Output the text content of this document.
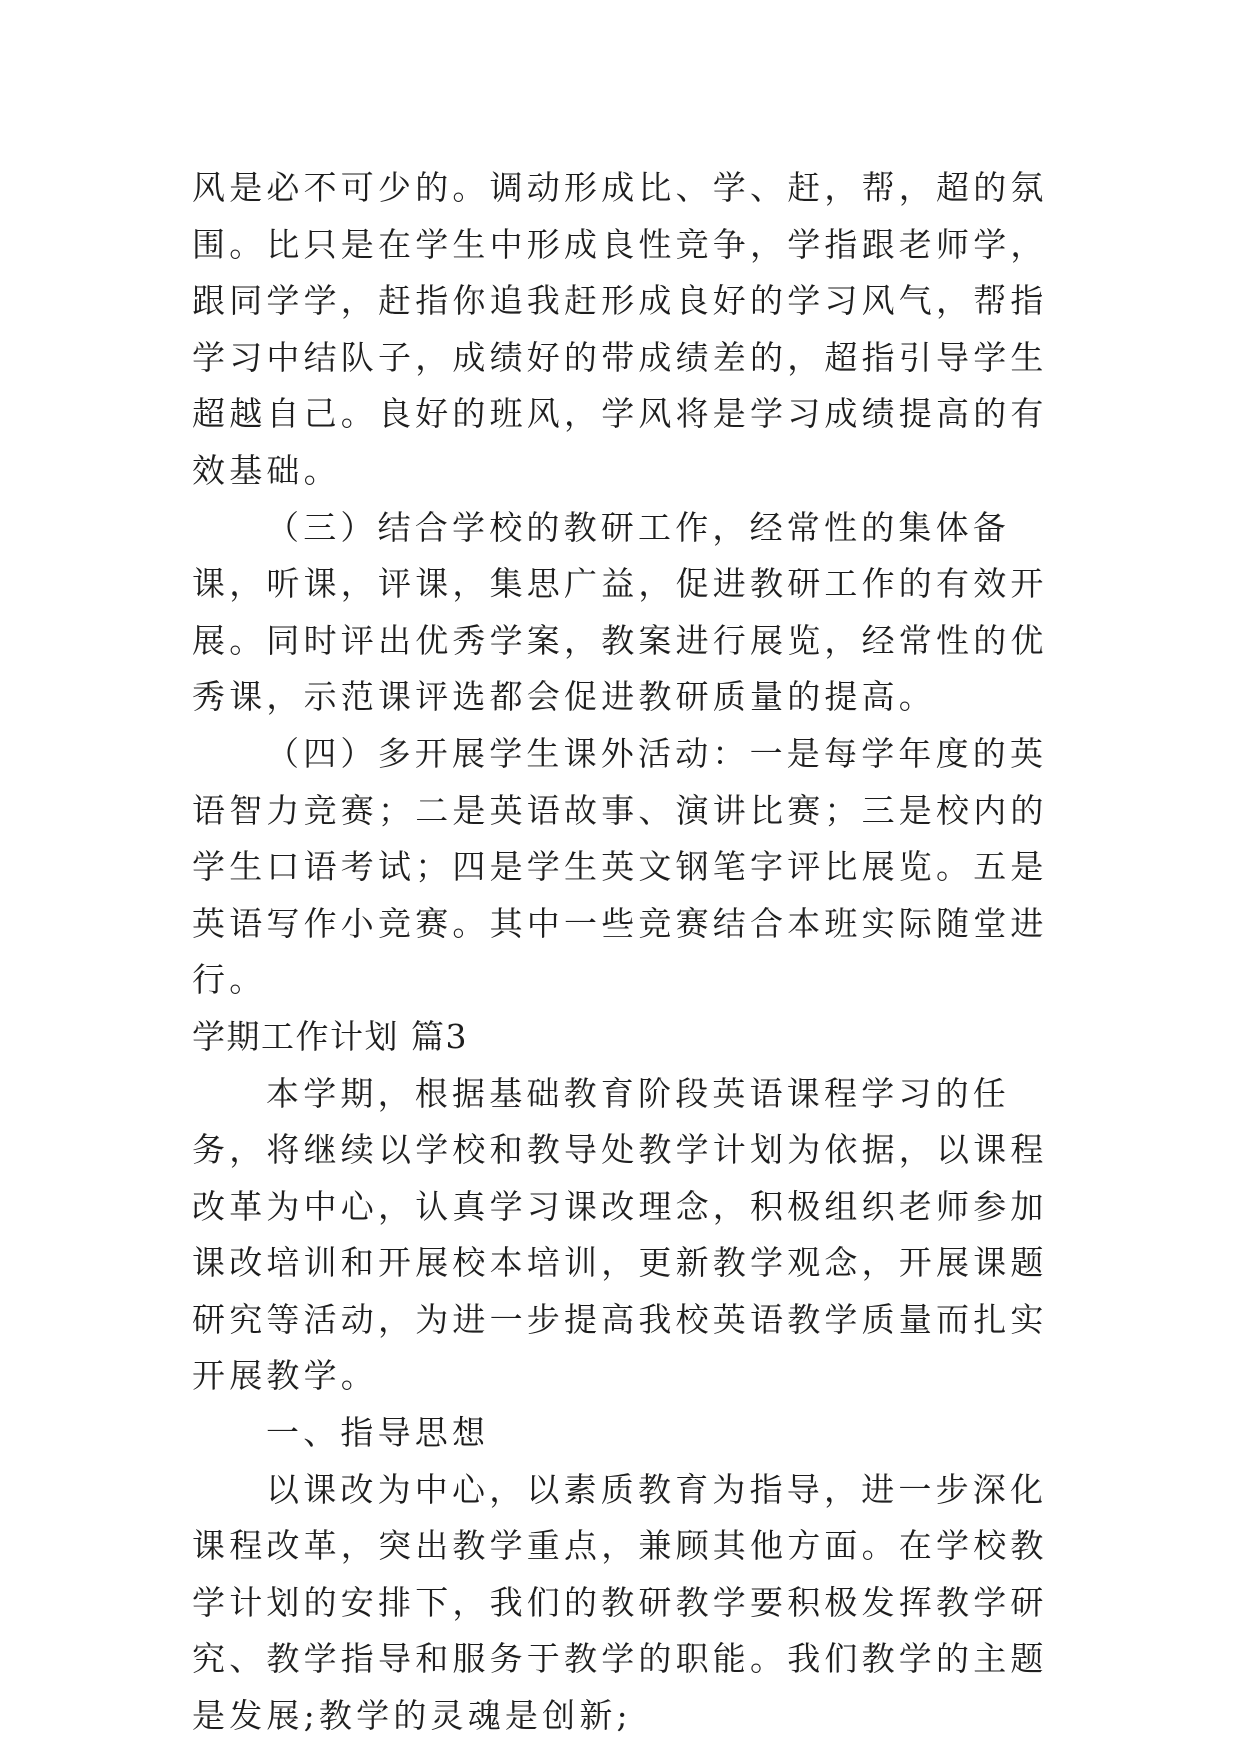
风是必不可少的。调动形成比、学、赶，帮，超的氛围。比只是在学生中形成良性竞争，学指跟老师学，跟同学学，赶指你追我赶形成良好的学习风气，帮指学习中结队子，成绩好的带成绩差的，超指引导学生超越自己。良好的班风，学风将是学习成绩提高的有效基础。

（三）结合学校的教研工作，经常性的集体备课，听课，评课，集思广益，促进教研工作的有效开展。同时评出优秀学案，教案进行展览，经常性的优秀课，示范课评选都会促进教研质量的提高。

（四）多开展学生课外活动：一是每学年度的英语智力竞赛；二是英语故事、演讲比赛；三是校内的学生口语考试；四是学生英文钢笔字评比展览。五是英语写作小竞赛。其中一些竞赛结合本班实际随堂进行。

学期工作计划 篇3

本学期，根据基础教育阶段英语课程学习的任务，将继续以学校和教导处教学计划为依据，以课程改革为中心，认真学习课改理念，积极组织老师参加课改培训和开展校本培训，更新教学观念，开展课题研究等活动，为进一步提高我校英语教学质量而扎实开展教学。

一、指导思想

以课改为中心，以素质教育为指导，进一步深化课程改革，突出教学重点，兼顾其他方面。在学校教学计划的安排下，我们的教研教学要积极发挥教学研究、教学指导和服务于教学的职能。我们教学的主题是发展;教学的灵魂是创新;
